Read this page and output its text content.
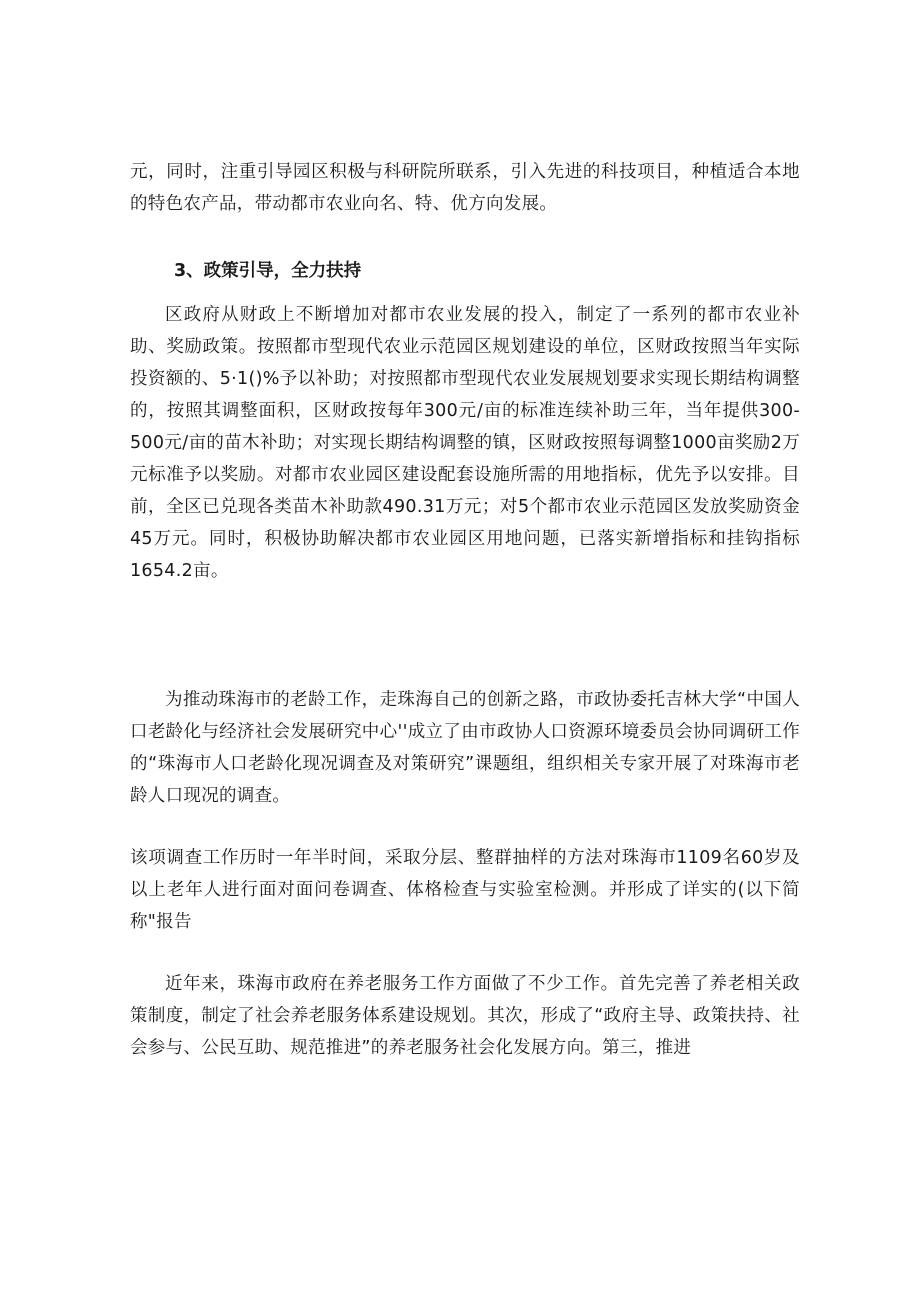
元，同时，注重引导园区积极与科研院所联系，引入先进的科技项目，种植适合本地的特色农产品，带动都市农业向名、特、优方向发展。

3、政策引导，全力扶持

区政府从财政上不断增加对都市农业发展的投入，制定了一系列的都市农业补助、奖励政策。按照都市型现代农业示范园区规划建设的单位，区财政按照当年实际投资额的、5·1()%予以补助；对按照都市型现代农业发展规划要求实现长期结构调整的，按照其调整面积，区财政按每年300元/亩的标准连续补助三年，当年提供300-500元/亩的苗木补助；对实现长期结构调整的镇，区财政按照每调整1000亩奖励2万元标准予以奖励。对都市农业园区建设配套设施所需的用地指标，优先予以安排。目前，全区已兑现各类苗木补助款490.31万元；对5个都市农业示范园区发放奖励资金45万元。同时，积极协助解决都市农业园区用地问题，已落实新增指标和挂钩指标1654.2亩。

为推动珠海市的老龄工作，走珠海自己的创新之路，市政协委托吉林大学“中国人口老龄化与经济社会发展研究中心''成立了由市政协人口资源环境委员会协同调研工作的“珠海市人口老龄化现况调查及对策研究”课题组，组织相关专家开展了对珠海市老龄人口现况的调查。

该项调查工作历时一年半时间，采取分层、整群抽样的方法对珠海市1109名60岁及以上老年人进行面对面问卷调查、体格检查与实验室检测。并形成了详实的(以下简称"报告

近年来，珠海市政府在养老服务工作方面做了不少工作。首先完善了养老相关政策制度，制定了社会养老服务体系建设规划。其次，形成了“政府主导、政策扶持、社会参与、公民互助、规范推进”的养老服务社会化发展方向。第三，推进
